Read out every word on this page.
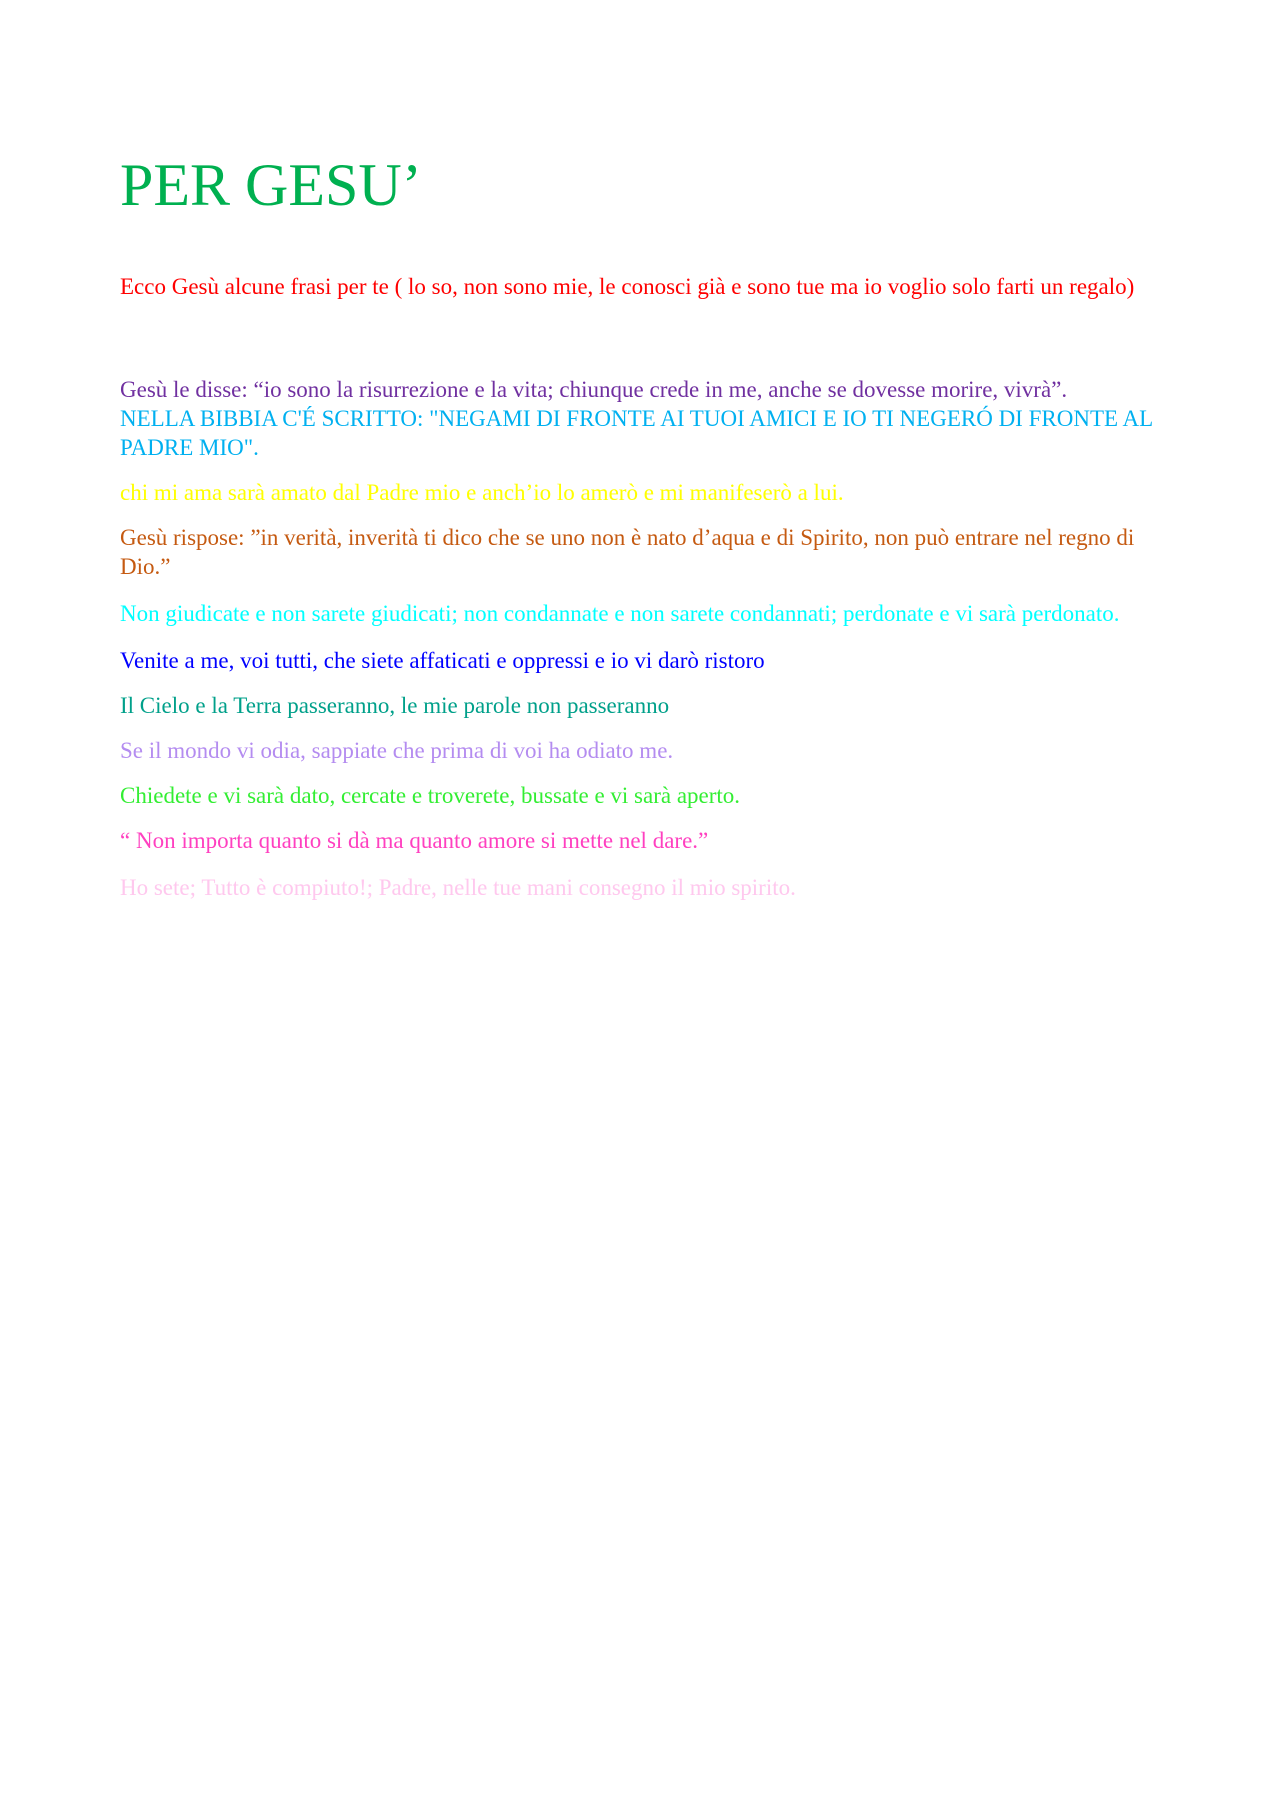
PER GESU’

Ecco Gesù alcune frasi per te ( lo so, non sono mie, le conosci già e sono tue ma io voglio solo farti un regalo)

Gesù le disse: “io sono la risurrezione e la vita; chiunque crede in me, anche se dovesse morire, vivrà”.

NELLA BIBBIA C'É SCRITTO: "NEGAMI DI FRONTE AI TUOI AMICI E IO TI NEGERÓ DI FRONTE AL PADRE MIO".

chi mi ama sarà amato dal Padre mio e anch’io lo amerò e mi manifeserò a lui.

Gesù rispose: ”in verità, inverità ti dico che se uno non è nato d’aqua e di Spirito, non può entrare nel regno di Dio.”

Non giudicate e non sarete giudicati; non condannate e non sarete condannati; perdonate e vi sarà perdonato.

Venite a me, voi tutti, che siete affaticati e oppressi e io vi darò ristoro

Il Cielo e la Terra passeranno, le mie parole non passeranno

Se il mondo vi odia, sappiate che prima di voi ha odiato me.

Chiedete e vi sarà dato, cercate e troverete, bussate e vi sarà aperto.

“ Non importa quanto si dà ma quanto amore si mette nel dare.”

Ho sete; Tutto è compiuto!; Padre, nelle tue mani consegno il mio spirito.
